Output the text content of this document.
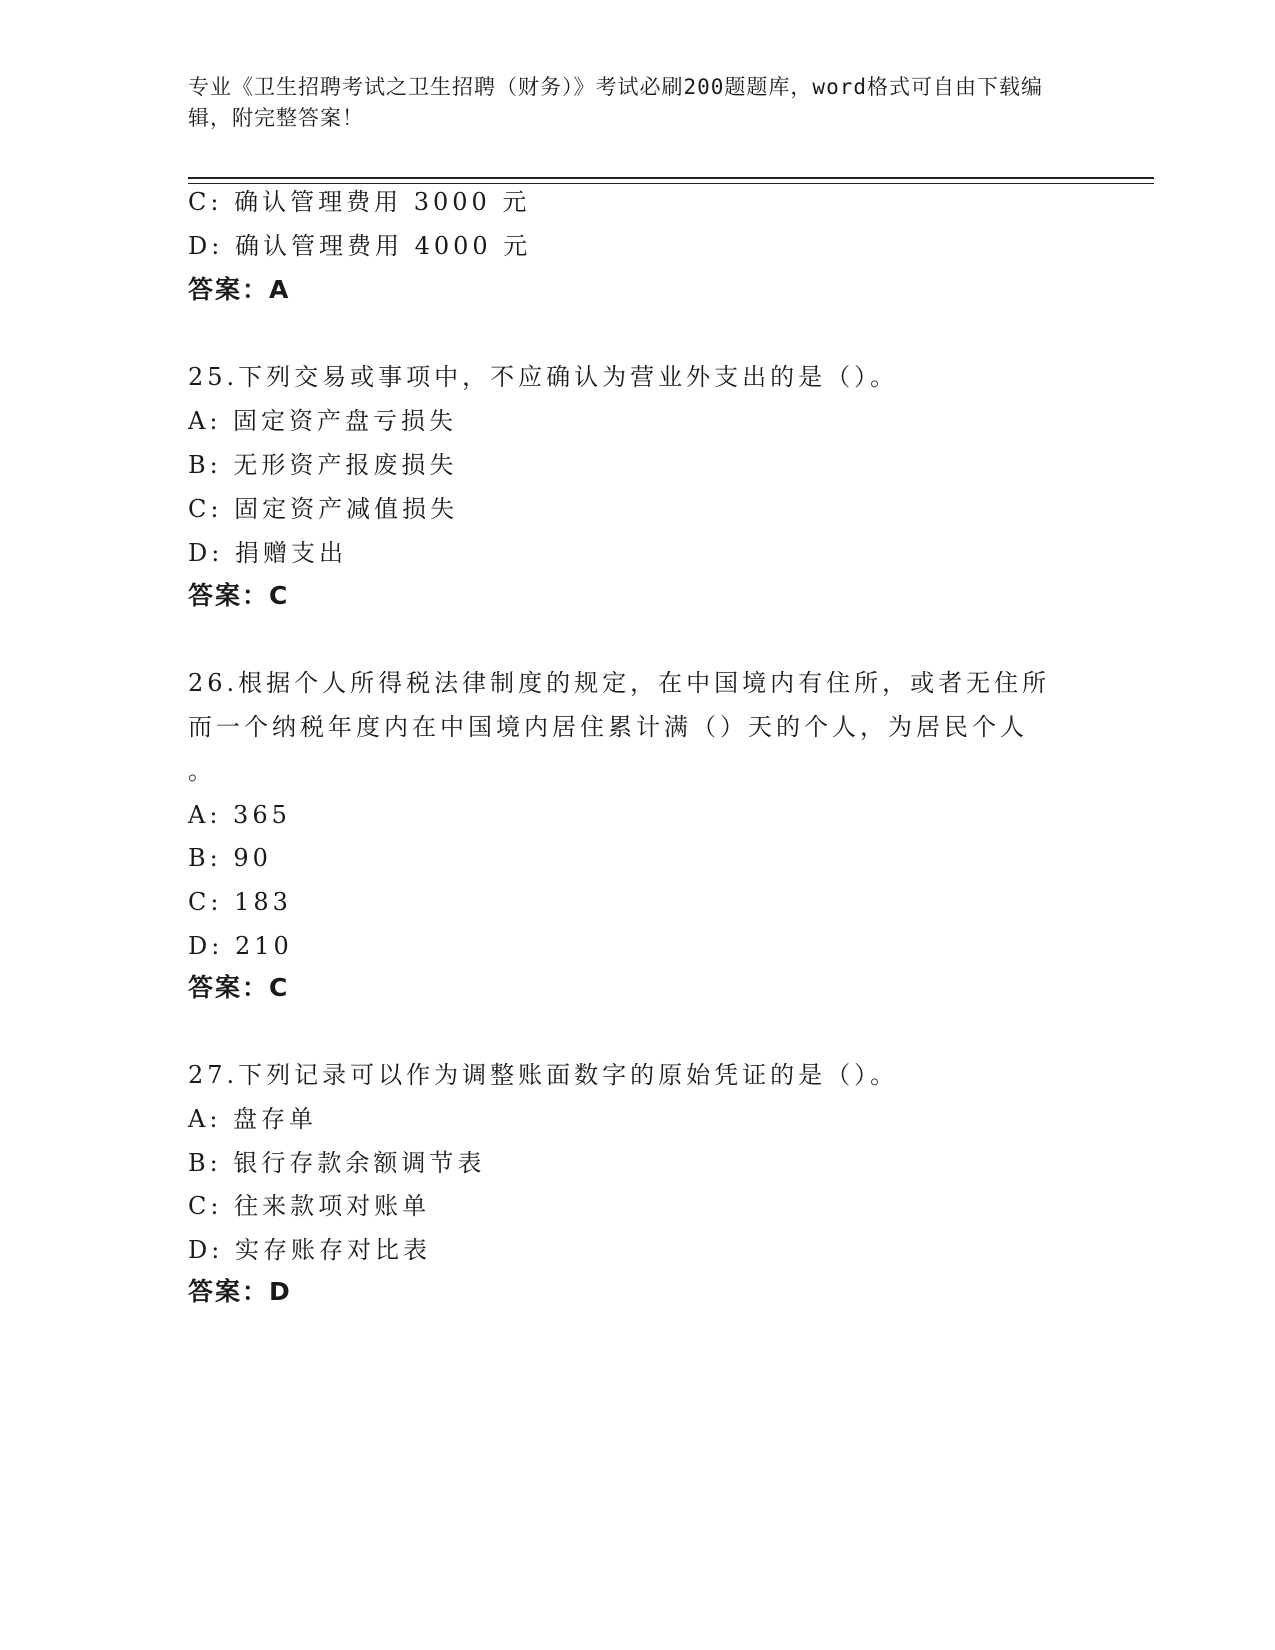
专业《卫生招聘考试之卫生招聘（财务）》考试必刷200题题库，word格式可自由下载编辑，附完整答案！
C: 确认管理费用 3000 元
D: 确认管理费用 4000 元
答案：A
25.下列交易或事项中，不应确认为营业外支出的是（）。
A: 固定资产盘亏损失
B: 无形资产报废损失
C: 固定资产减值损失
D: 捐赠支出
答案：C
26.根据个人所得税法律制度的规定，在中国境内有住所，或者无住所
而一个纳税年度内在中国境内居住累计满（）天的个人，为居民个人
。
A: 365
B: 90
C: 183
D: 210
答案：C
27.下列记录可以作为调整账面数字的原始凭证的是（）。
A: 盘存单
B: 银行存款余额调节表
C: 往来款项对账单
D: 实存账存对比表
答案：D
